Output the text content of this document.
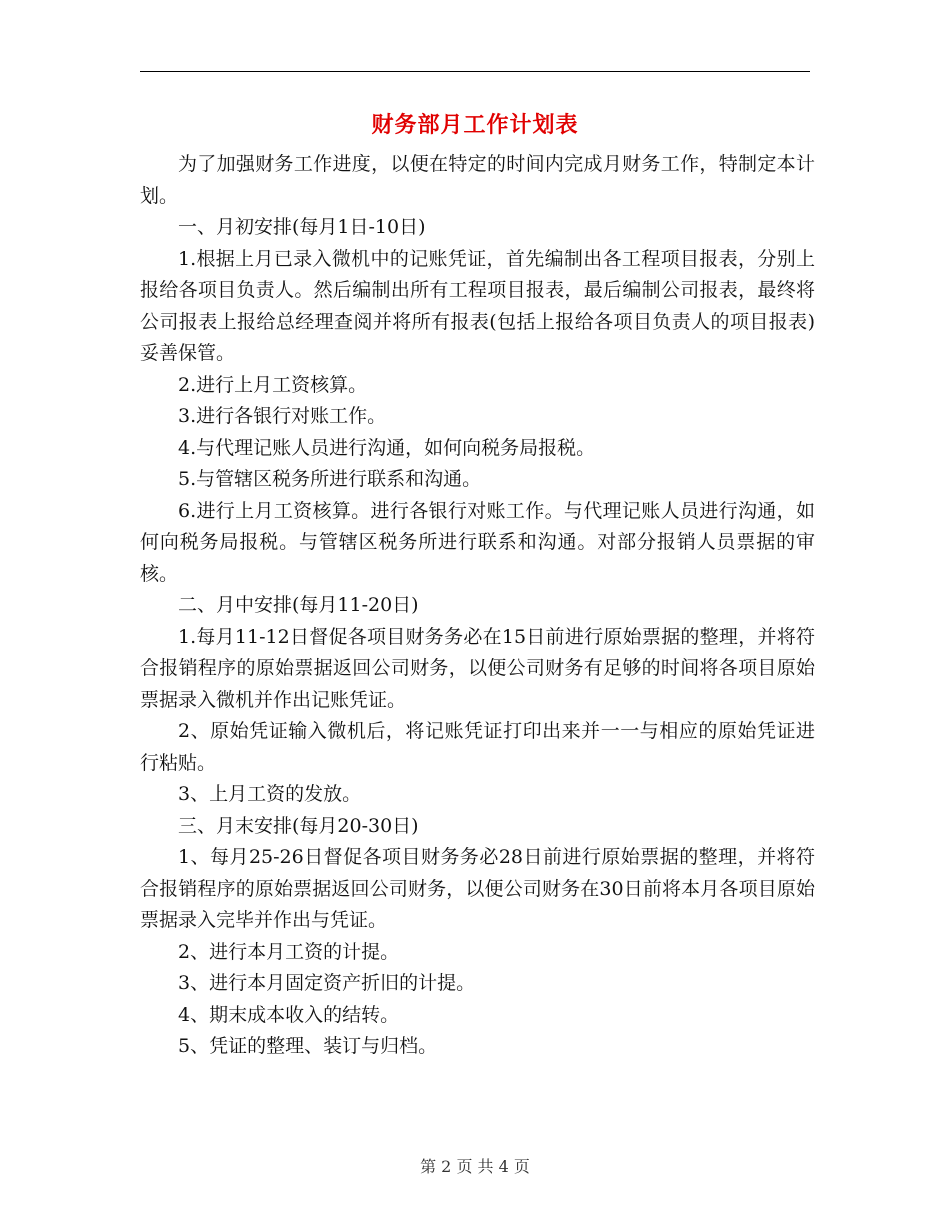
财务部月工作计划表

为了加强财务工作进度，以便在特定的时间内完成月财务工作，特制定本计划。

一、月初安排(每月1日-10日)

1.根据上月已录入微机中的记账凭证，首先编制出各工程项目报表，分别上报给各项目负责人。然后编制出所有工程项目报表，最后编制公司报表，最终将公司报表上报给总经理查阅并将所有报表(包括上报给各项目负责人的项目报表)妥善保管。

2.进行上月工资核算。

3.进行各银行对账工作。

4.与代理记账人员进行沟通，如何向税务局报税。

5.与管辖区税务所进行联系和沟通。

6.进行上月工资核算。进行各银行对账工作。与代理记账人员进行沟通，如何向税务局报税。与管辖区税务所进行联系和沟通。对部分报销人员票据的审核。

二、月中安排(每月11-20日)

1.每月11-12日督促各项目财务务必在15日前进行原始票据的整理，并将符合报销程序的原始票据返回公司财务，以便公司财务有足够的时间将各项目原始票据录入微机并作出记账凭证。

2、原始凭证输入微机后，将记账凭证打印出来并一一与相应的原始凭证进行粘贴。

3、上月工资的发放。

三、月末安排(每月20-30日)

1、每月25-26日督促各项目财务务必28日前进行原始票据的整理，并将符合报销程序的原始票据返回公司财务，以便公司财务在30日前将本月各项目原始票据录入完毕并作出与凭证。

2、进行本月工资的计提。

3、进行本月固定资产折旧的计提。

4、期末成本收入的结转。

5、凭证的整理、装订与归档。

第 2 页 共 4 页
